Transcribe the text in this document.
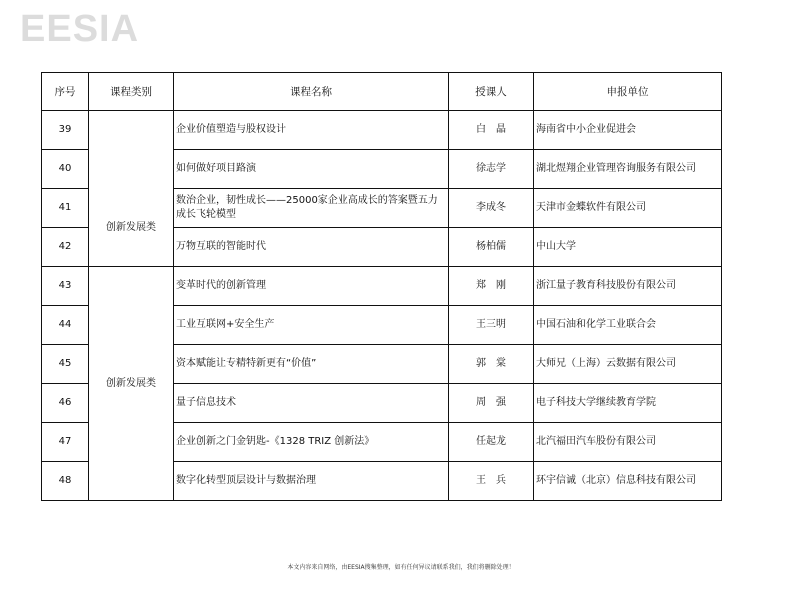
EESIA
序号	课程类别	课程名称	授课人	申报单位
39	创新发展类	企业价值塑造与股权设计	白　晶	海南省中小企业促进会
40		如何做好项目路演	徐志学	湖北煜翔企业管理咨询服务有限公司
41		数治企业，韧性成长——25000家企业高成长的答案暨五力成长飞轮模型	李成冬	天津市金蝶软件有限公司
42		万物互联的智能时代	杨柏儒	中山大学
43	创新发展类	变革时代的创新管理	郑　刚	浙江量子教育科技股份有限公司
44		工业互联网+安全生产	王三明	中国石油和化学工业联合会
45		资本赋能让专精特新更有“价值”	郭　棠	大师兄（上海）云数据有限公司
46		量子信息技术	周　强	电子科技大学继续教育学院
47		企业创新之门金钥匙-《1328 TRIZ 创新法》	任起龙	北汽福田汽车股份有限公司
48		数字化转型顶层设计与数据治理	王　兵	环宇信诚（北京）信息科技有限公司
本文内容来自网络，由EESIA搜集整理，如有任何异议请联系我们，我们将删除处理！
